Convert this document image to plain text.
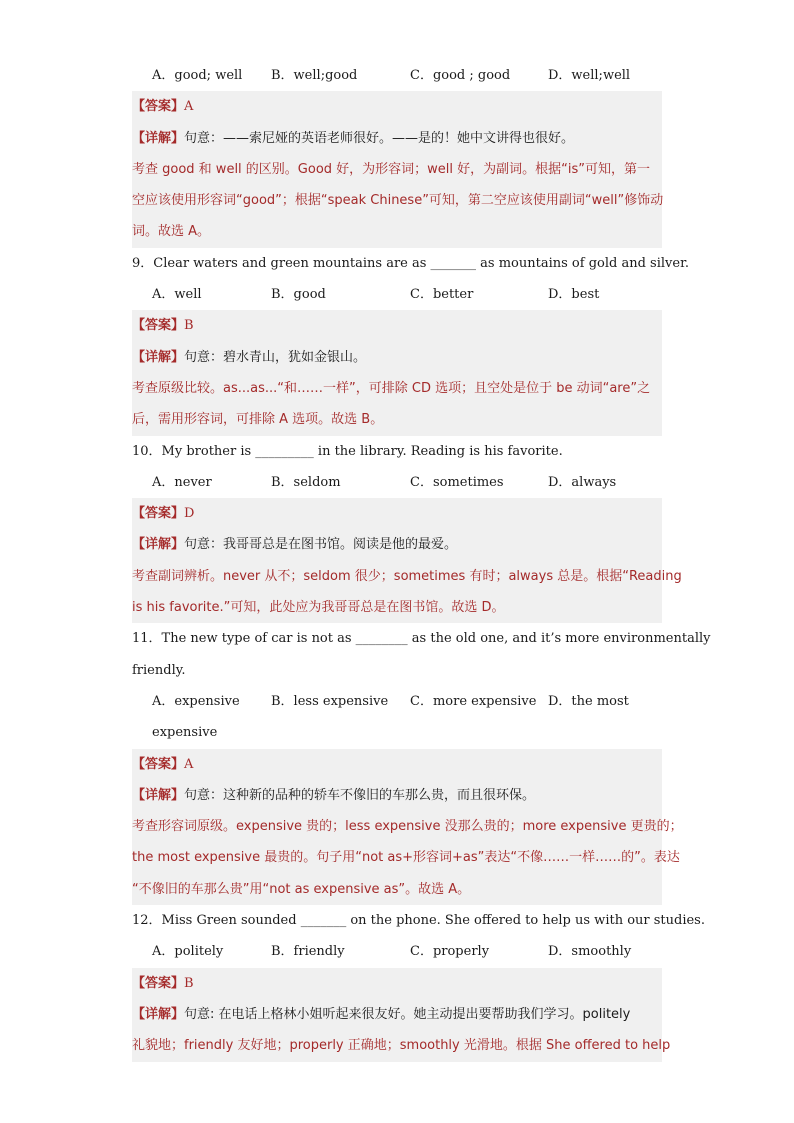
A．good; well B．well;good	C．good ; good	D．well;well
【答案】A
【详解】句意：——索尼娅的英语老师很好。——是的！她中文讲得也很好。
考查 good 和 well 的区别。Good 好，为形容词；well 好，为副词。根据“is”可知，第一
空应该使用形容词“good”；根据“speak Chinese”可知，第二空应该使用副词“well”修饰动
词。故选 A。
9．Clear waters and green mountains are as _______ as mountains of gold and silver.
A．well	B．good	C．better	D．best
【答案】B
【详解】句意：碧水青山，犹如金银山。
考查原级比较。as...as...“和……一样”，可排除 CD 选项；且空处是位于 be 动词“are”之
后，需用形容词，可排除 A 选项。故选 B。
10．My brother is _________ in the library. Reading is his favorite.
A．never	B．seldom	C．sometimes	D．always
【答案】D
【详解】句意：我哥哥总是在图书馆。阅读是他的最爱。
考查副词辨析。never 从不；seldom 很少；sometimes 有时；always 总是。根据“Reading
is his favorite.”可知，此处应为我哥哥总是在图书馆。故选 D。
11．The new type of car is not as ________ as the old one, and it’s more environmentally
friendly.
A．expensive B．less expensive C．more expensive D．the most
expensive
【答案】A
【详解】句意：这种新的品种的轿车不像旧的车那么贵，而且很环保。
考查形容词原级。expensive 贵的；less expensive 没那么贵的；more expensive 更贵的；
the most expensive 最贵的。句子用“not as+形容词+as”表达“不像……一样……的”。表达
“不像旧的车那么贵”用“not as expensive as”。故选 A。
12．Miss Green sounded _______ on the phone. She offered to help us with our studies.
A．politely	B．friendly	C．properly	D．smoothly
【答案】B
【详解】句意: 在电话上格林小姐听起来很友好。她主动提出要帮助我们学习。politely
礼貌地；friendly 友好地；properly 正确地；smoothly 光滑地。根据 She offered to help
